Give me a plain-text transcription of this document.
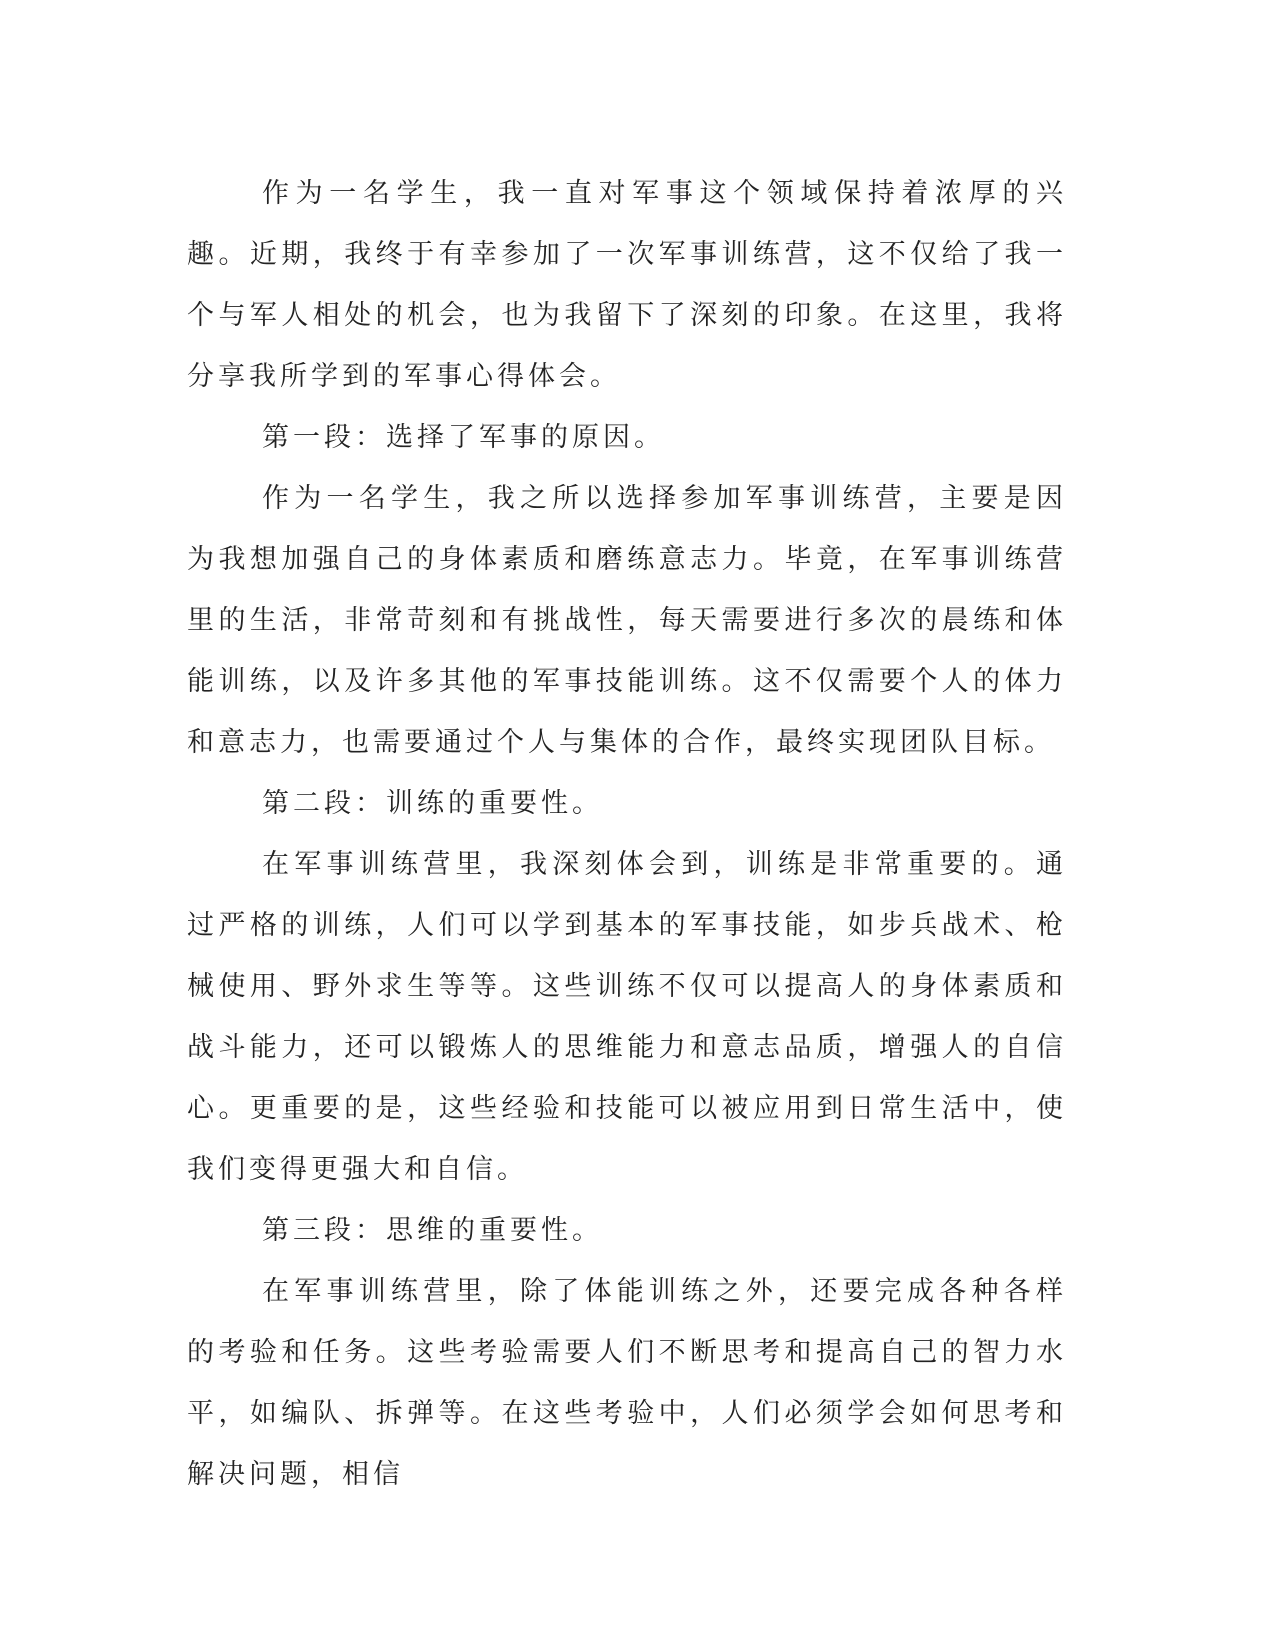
作为一名学生，我一直对军事这个领域保持着浓厚的兴趣。近期，我终于有幸参加了一次军事训练营，这不仅给了我一个与军人相处的机会，也为我留下了深刻的印象。在这里，我将分享我所学到的军事心得体会。

第一段：选择了军事的原因。

作为一名学生，我之所以选择参加军事训练营，主要是因为我想加强自己的身体素质和磨练意志力。毕竟，在军事训练营里的生活，非常苛刻和有挑战性，每天需要进行多次的晨练和体能训练，以及许多其他的军事技能训练。这不仅需要个人的体力和意志力，也需要通过个人与集体的合作，最终实现团队目标。

第二段：训练的重要性。

在军事训练营里，我深刻体会到，训练是非常重要的。通过严格的训练，人们可以学到基本的军事技能，如步兵战术、枪械使用、野外求生等等。这些训练不仅可以提高人的身体素质和战斗能力，还可以锻炼人的思维能力和意志品质，增强人的自信心。更重要的是，这些经验和技能可以被应用到日常生活中，使我们变得更强大和自信。

第三段：思维的重要性。

在军事训练营里，除了体能训练之外，还要完成各种各样的考验和任务。这些考验需要人们不断思考和提高自己的智力水平，如编队、拆弹等。在这些考验中，人们必须学会如何思考和解决问题，相信
